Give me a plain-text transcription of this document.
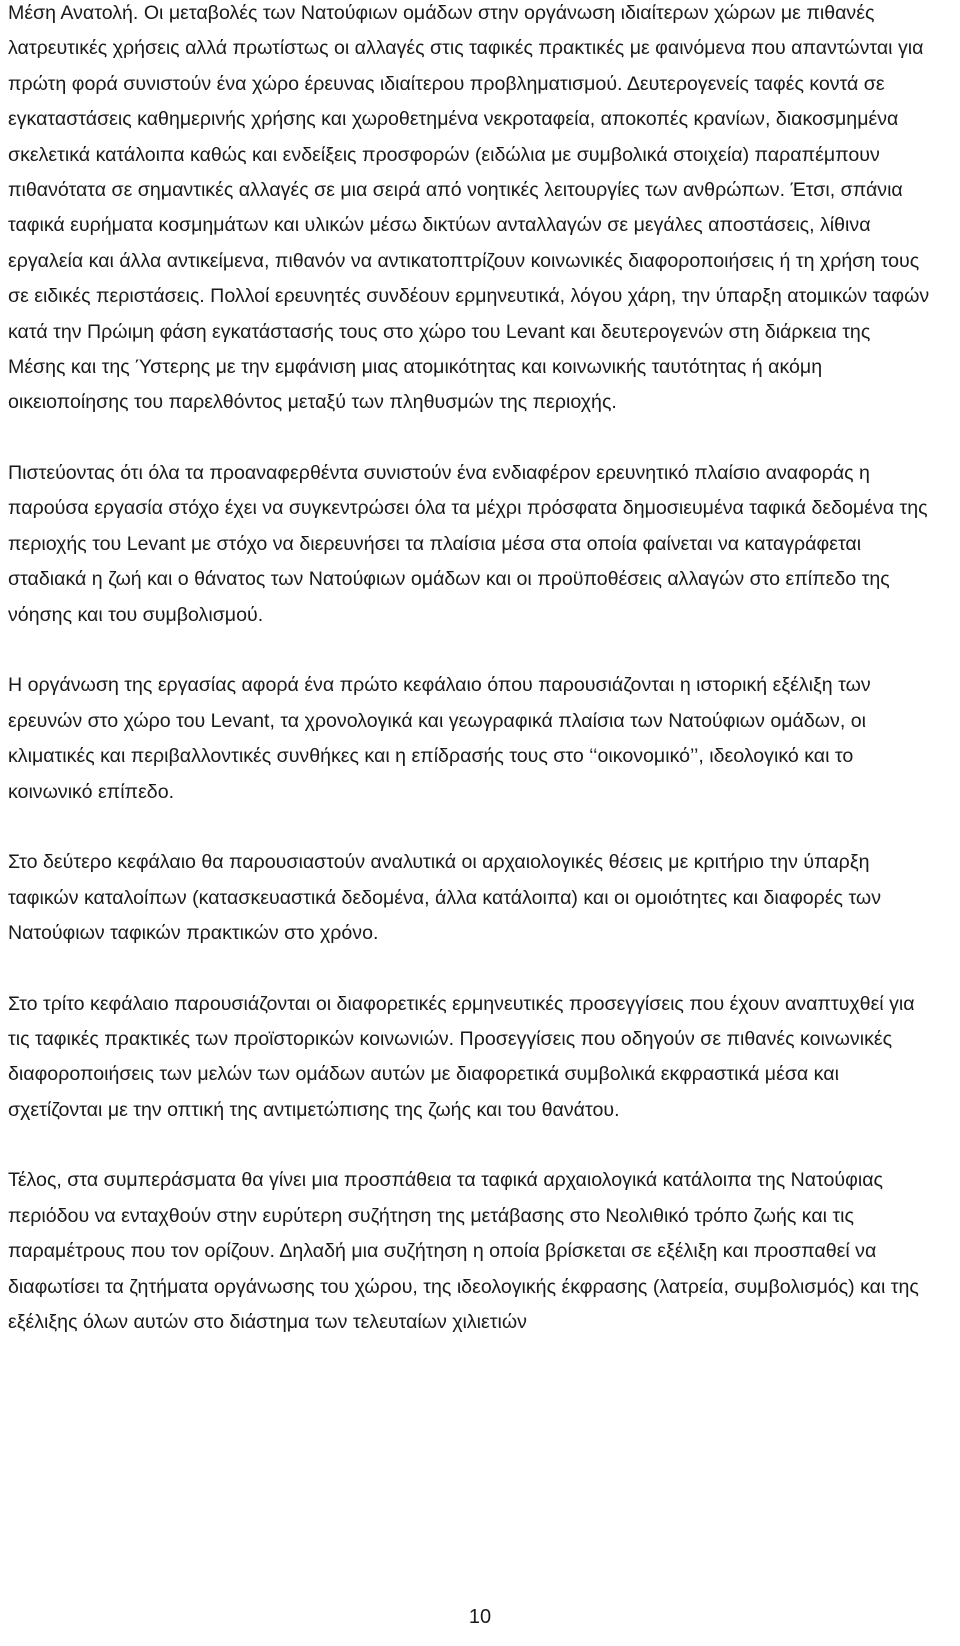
Μέση Ανατολή. Οι μεταβολές των Νατούφιων ομάδων στην οργάνωση ιδιαίτερων χώρων με πιθανές λατρευτικές χρήσεις αλλά πρωτίστως οι αλλαγές στις ταφικές πρακτικές με φαινόμενα που απαντώνται για πρώτη φορά συνιστούν ένα χώρο έρευνας ιδιαίτερου προβληματισμού. Δευτερογενείς ταφές κοντά σε εγκαταστάσεις καθημερινής χρήσης και χωροθετημένα νεκροταφεία, αποκοπές κρανίων, διακοσμημένα σκελετικά κατάλοιπα καθώς και ενδείξεις προσφορών (ειδώλια με συμβολικά στοιχεία) παραπέμπουν πιθανότατα σε σημαντικές αλλαγές σε μια σειρά από νοητικές λειτουργίες των ανθρώπων. Έτσι, σπάνια ταφικά ευρήματα κοσμημάτων και υλικών μέσω δικτύων ανταλλαγών σε μεγάλες αποστάσεις, λίθινα εργαλεία και άλλα αντικείμενα, πιθανόν να αντικατοπτρίζουν κοινωνικές διαφοροποιήσεις ή τη χρήση τους σε ειδικές περιστάσεις. Πολλοί ερευνητές συνδέουν ερμηνευτικά, λόγου χάρη, την ύπαρξη ατομικών ταφών κατά την Πρώιμη φάση εγκατάστασής τους στο χώρο του Levant και δευτερογενών στη διάρκεια της Μέσης και της Ύστερης με την εμφάνιση μιας ατομικότητας και κοινωνικής ταυτότητας ή ακόμη οικειοποίησης του παρελθόντος μεταξύ των πληθυσμών της περιοχής.

Πιστεύοντας ότι όλα τα προαναφερθέντα συνιστούν ένα ενδιαφέρον ερευνητικό πλαίσιο αναφοράς η παρούσα εργασία στόχο έχει να συγκεντρώσει όλα τα μέχρι πρόσφατα δημοσιευμένα ταφικά δεδομένα της περιοχής του Levant με στόχο να διερευνήσει τα πλαίσια μέσα στα οποία φαίνεται να καταγράφεται σταδιακά η ζωή και ο θάνατος των Νατούφιων ομάδων και οι προϋποθέσεις αλλαγών στο επίπεδο της νόησης και του συμβολισμού.

Η οργάνωση της εργασίας αφορά ένα πρώτο κεφάλαιο όπου παρουσιάζονται η ιστορική εξέλιξη των ερευνών στο χώρο του Levant, τα χρονολογικά και γεωγραφικά πλαίσια των Νατούφιων ομάδων, οι κλιματικές και περιβαλλοντικές συνθήκες και η επίδρασής τους στο ‘‘οικονομικό’’, ιδεολογικό και το κοινωνικό επίπεδο.

Στο δεύτερο κεφάλαιο θα παρουσιαστούν αναλυτικά οι αρχαιολογικές θέσεις με κριτήριο την ύπαρξη ταφικών καταλοίπων (κατασκευαστικά δεδομένα, άλλα κατάλοιπα) και οι ομοιότητες και διαφορές των Νατούφιων ταφικών πρακτικών στο χρόνο.

Στο τρίτο κεφάλαιο παρουσιάζονται οι διαφορετικές ερμηνευτικές προσεγγίσεις που έχουν αναπτυχθεί για τις ταφικές πρακτικές των προϊστορικών κοινωνιών. Προσεγγίσεις που οδηγούν σε πιθανές κοινωνικές διαφοροποιήσεις των μελών των ομάδων αυτών με διαφορετικά συμβολικά εκφραστικά μέσα και σχετίζονται με την οπτική της αντιμετώπισης της ζωής και του θανάτου.

Τέλος, στα συμπεράσματα θα γίνει μια προσπάθεια τα ταφικά αρχαιολογικά κατάλοιπα της Νατούφιας περιόδου να ενταχθούν στην ευρύτερη συζήτηση της μετάβασης στο Νεολιθικό τρόπο ζωής και τις παραμέτρους που τον ορίζουν. Δηλαδή μια συζήτηση η οποία βρίσκεται σε εξέλιξη και προσπαθεί να διαφωτίσει τα ζητήματα οργάνωσης του χώρου, της ιδεολογικής έκφρασης (λατρεία, συμβολισμός) και της εξέλιξης όλων αυτών στο διάστημα των τελευταίων χιλιετιών

10
